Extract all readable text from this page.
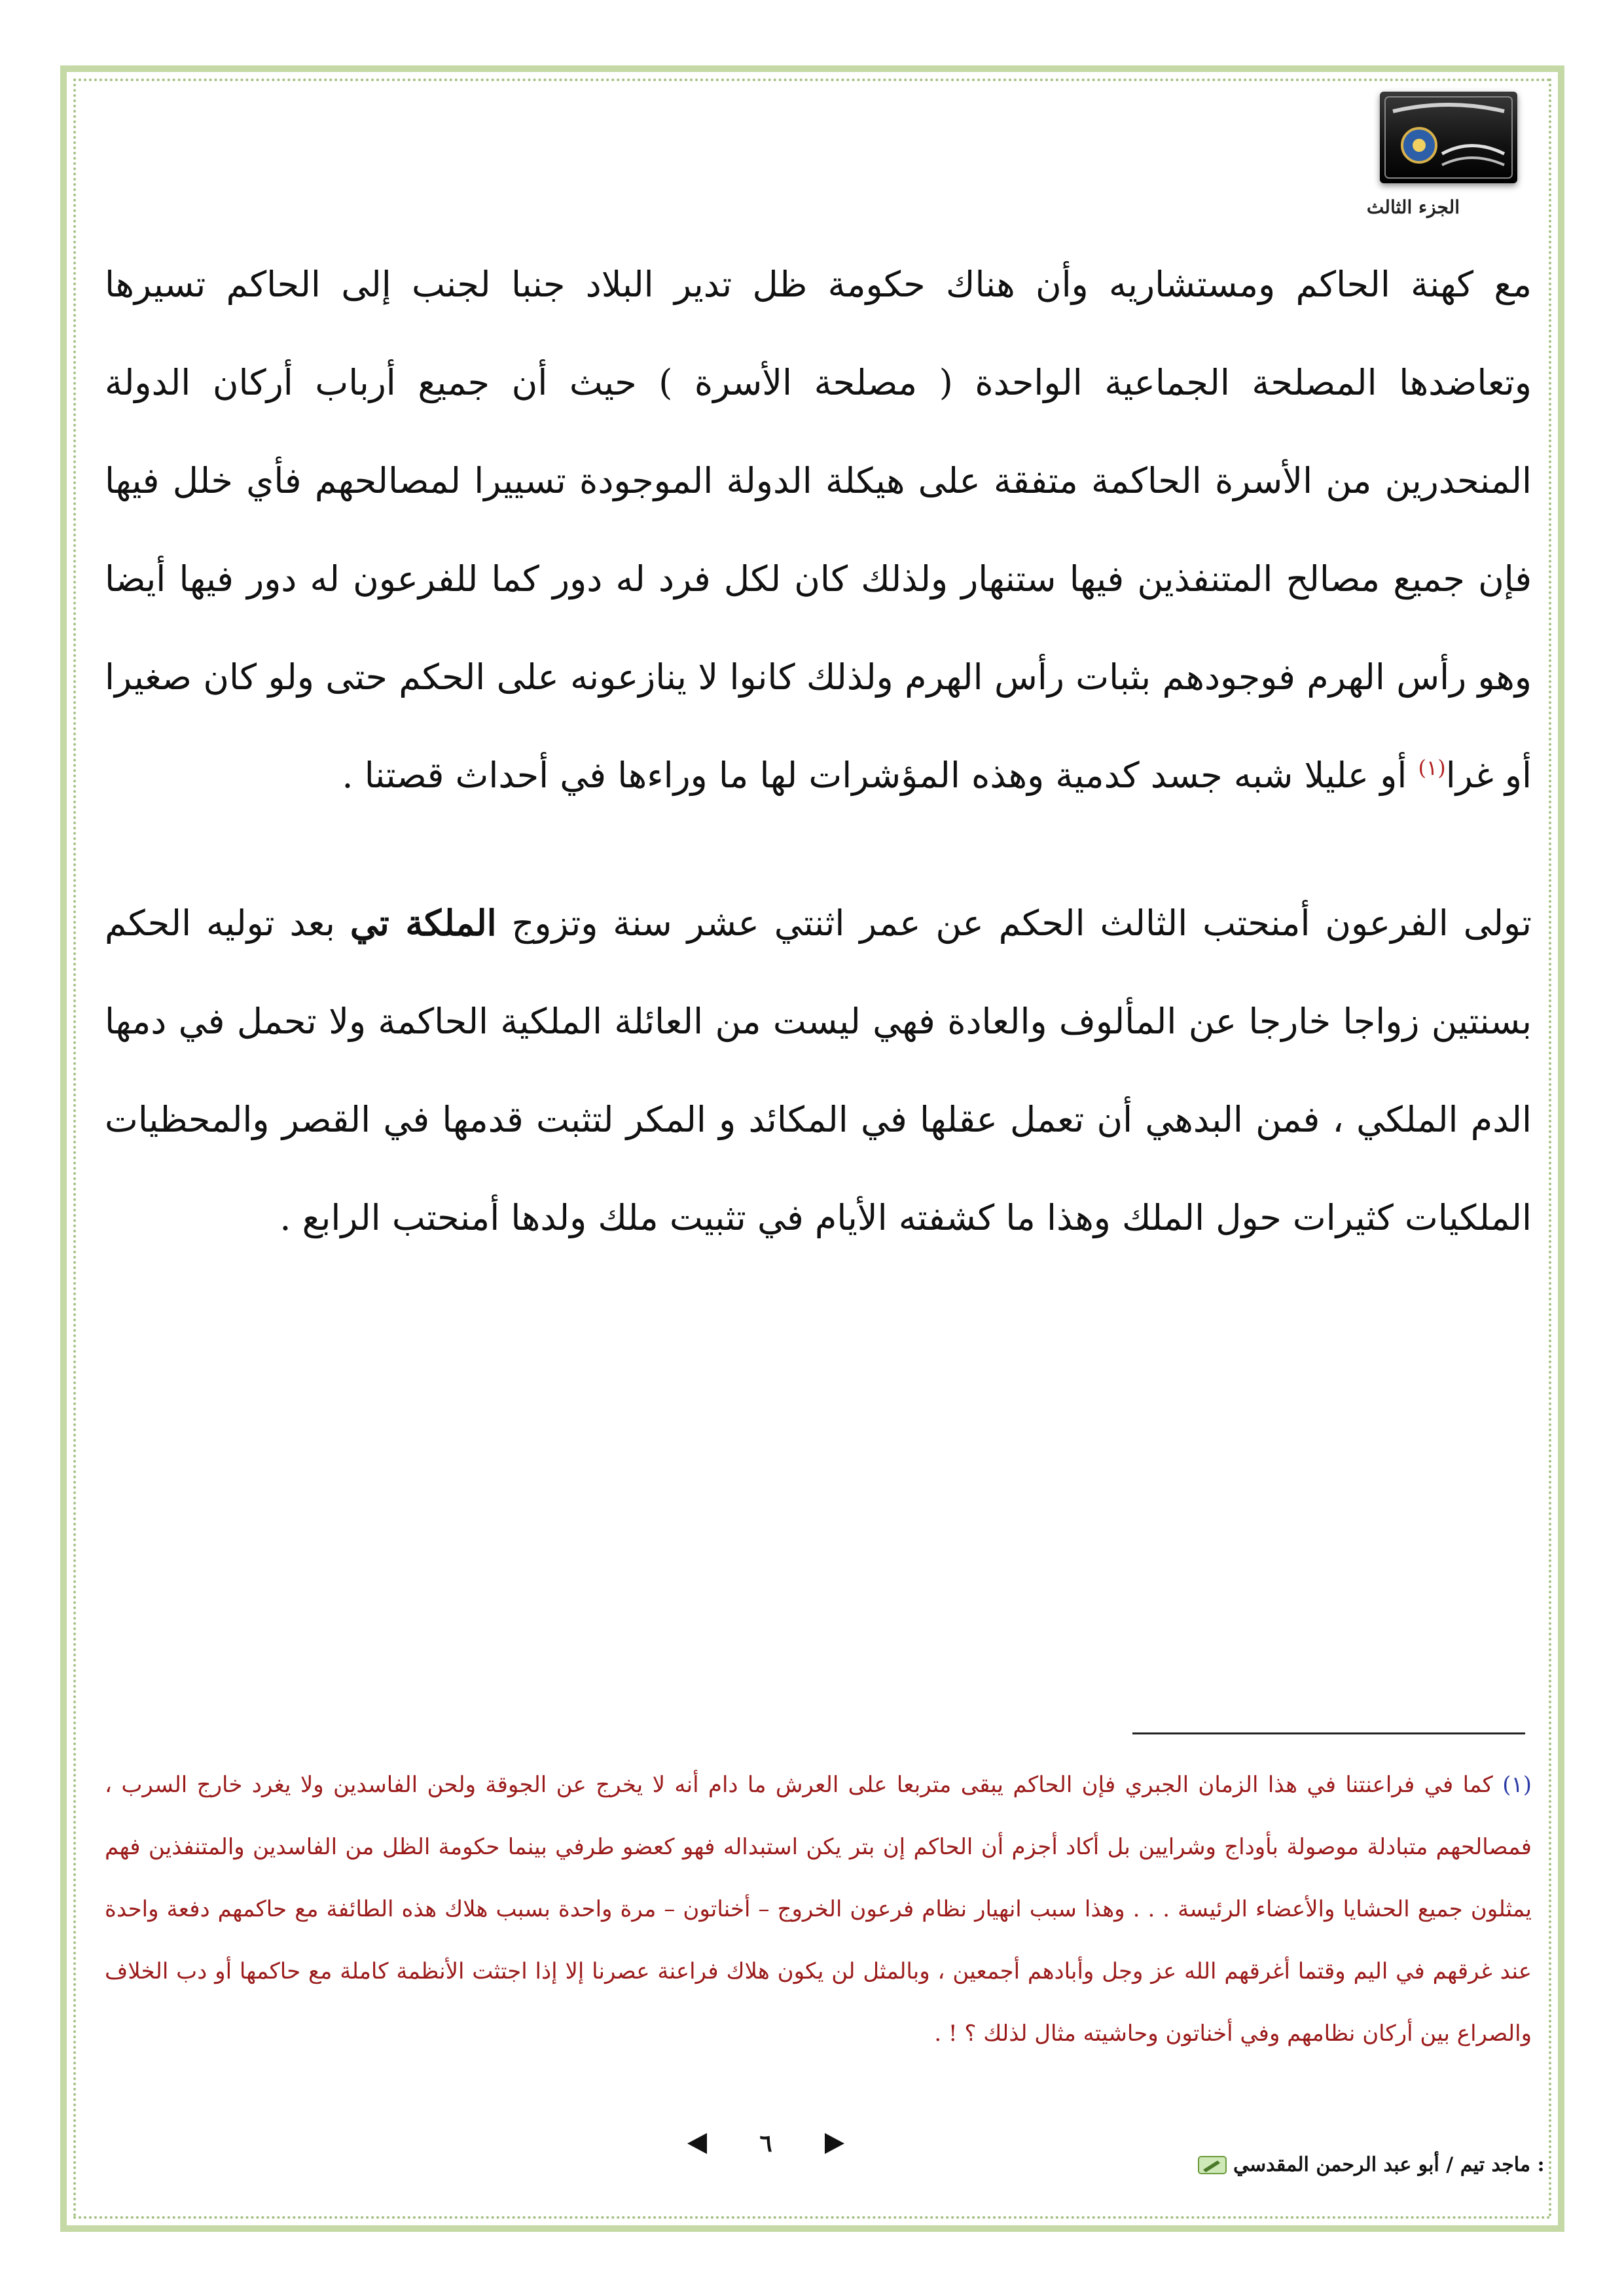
الجزء الثالث

مع كهنة الحاكم ومستشاريه وأن هناك حكومة ظل تدير البلاد جنبا لجنب إلى الحاكم تسيرها وتعاضدها المصلحة الجماعية الواحدة ( مصلحة الأسرة ) حيث أن جميع أرباب أركان الدولة المنحدرين من الأسرة الحاكمة متفقة على هيكلة الدولة الموجودة تسييرا لمصالحهم فأي خلل فيها فإن جميع مصالح المتنفذين فيها ستنهار ولذلك كان لكل فرد له دور كما للفرعون له دور فيها أيضا وهو رأس الهرم فوجودهم بثبات رأس الهرم ولذلك كانوا لا ينازعونه على الحكم حتى ولو كان صغيرا أو غرا$^{(١)}$ أو عليلا شبه جسد كدمية وهذه المؤشرات لها ما وراءها في أحداث قصتنا .

تولى الفرعون أمنحتب الثالث الحكم عن عمر اثنتي عشر سنة وتزوج الملكة تي بعد توليه الحكم بسنتين زواجا خارجا عن المألوف والعادة فهي ليست من العائلة الملكية الحاكمة ولا تحمل في دمها الدم الملكي ، فمن البدهي أن تعمل عقلها في المكائد و المكر لتثبت قدمها في القصر والمحظيات الملكيات كثيرات حول الملك وهذا ما كشفته الأيام في تثبيت ملك ولدها أمنحتب الرابع .

(١) كما في فراعنتنا في هذا الزمان الجبري فإن الحاكم يبقى متربعا على العرش ما دام أنه لا يخرج عن الجوقة ولحن الفاسدين ولا يغرد خارج السرب ، فمصالحهم متبادلة موصولة بأوداج وشرايين بل أكاد أجزم أن الحاكم إن بتر يكن استبداله فهو كعضو طرفي بينما حكومة الظل من الفاسدين والمتنفذين فهم يمثلون جميع الحشايا والأعضاء الرئيسة . . . وهذا سبب انهيار نظام فرعون الخروج – أخناتون – مرة واحدة بسبب هلاك هذه الطائفة مع حاكمهم دفعة واحدة عند غرقهم في اليم وقتما أغرقهم الله عز وجل وأبادهم أجمعين ، وبالمثل لن يكون هلاك فراعنة عصرنا إلا إذا اجتثت الأنظمة كاملة مع حاكمها أو دب الخلاف والصراع بين أركان نظامهم وفي أخناتون وحاشيته مثال لذلك ؟ ! .
٦
: ماجد تيم / أبو عبد الرحمن المقدسي
